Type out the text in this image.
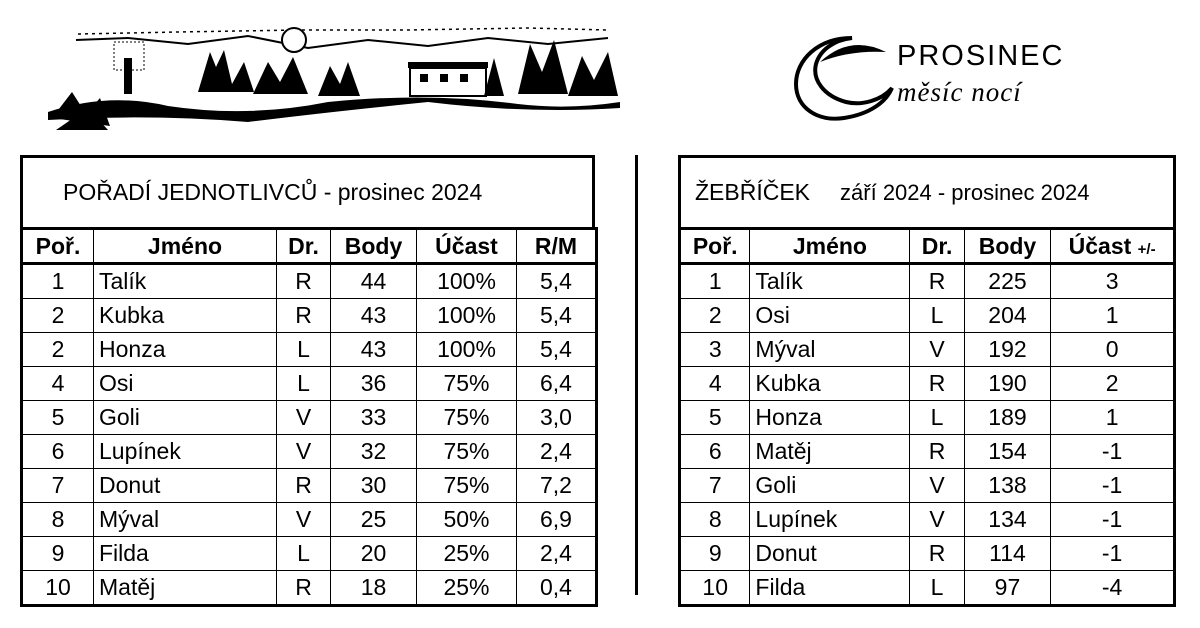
PROSINEC
měsíc nocí
POŘADÍ JEDNOTLIVCŮ - prosinec 2024
Poř.	Jméno	Dr.	Body	Účast	R/M
1	Talík	R	44	100%	5,4
2	Kubka	R	43	100%	5,4
2	Honza	L	43	100%	5,4
4	Osi	L	36	75%	6,4
5	Goli	V	33	75%	3,0
6	Lupínek	V	32	75%	2,4
7	Donut	R	30	75%	7,2
8	Mýval	V	25	50%	6,9
9	Filda	L	20	25%	2,4
10	Matěj	R	18	25%	0,4
ŽEBŘÍČEK září 2024 - prosinec 2024
Poř.	Jméno	Dr.	Body	Účast +/-
1	Talík	R	225	3
2	Osi	L	204	1
3	Mýval	V	192	0
4	Kubka	R	190	2
5	Honza	L	189	1
6	Matěj	R	154	-1
7	Goli	V	138	-1
8	Lupínek	V	134	-1
9	Donut	R	114	-1
10	Filda	L	97	-4
